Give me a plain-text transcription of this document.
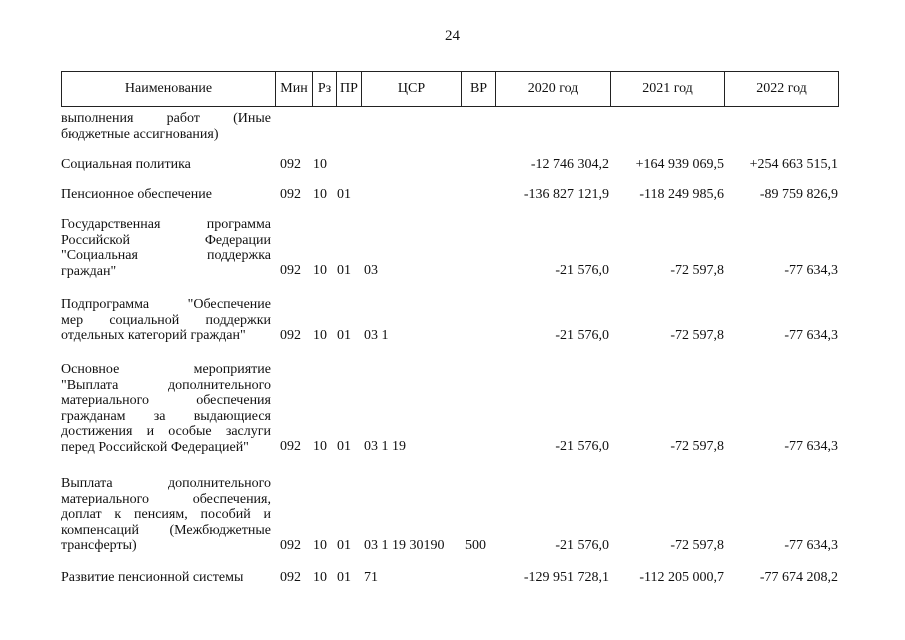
24
Наименование	Мин Рз ПР	ЦСР	ВР	2020 год	2021 год	2022 год
выполнения работ (Иные
бюджетные ассигнования)
Социальная политика	092 10	-12 746 304,2 +164 939 069,5 +254 663 515,1
Пенсионное обеспечение	092 10 01	-136 827 121,9 -118 249 985,6	-89 759 826,9
Государственная программа
Российской Федерации
"Социальная поддержка
граждан"	092 10 01 03	-21 576,0	-72 597,8	-77 634,3
Подпрограмма "Обеспечение
мер социальной поддержки
отдельных категорий граждан"	092 10 01 03 1	-21 576,0	-72 597,8	-77 634,3
Основное мероприятие
"Выплата дополнительного
материального обеспечения
гражданам за выдающиеся
достижения и особые заслуги
перед Российской Федерацией"	092 10 01 03 1 19	-21 576,0	-72 597,8	-77 634,3
Выплата дополнительного
материального обеспечения,
доплат к пенсиям, пособий и
компенсаций (Межбюджетные
трансферты)	092 10 01 03 1 19 30190 500	-21 576,0	-72 597,8	-77 634,3
Развитие пенсионной системы	092 10 01 71	-129 951 728,1 -112 205 000,7	-77 674 208,2
